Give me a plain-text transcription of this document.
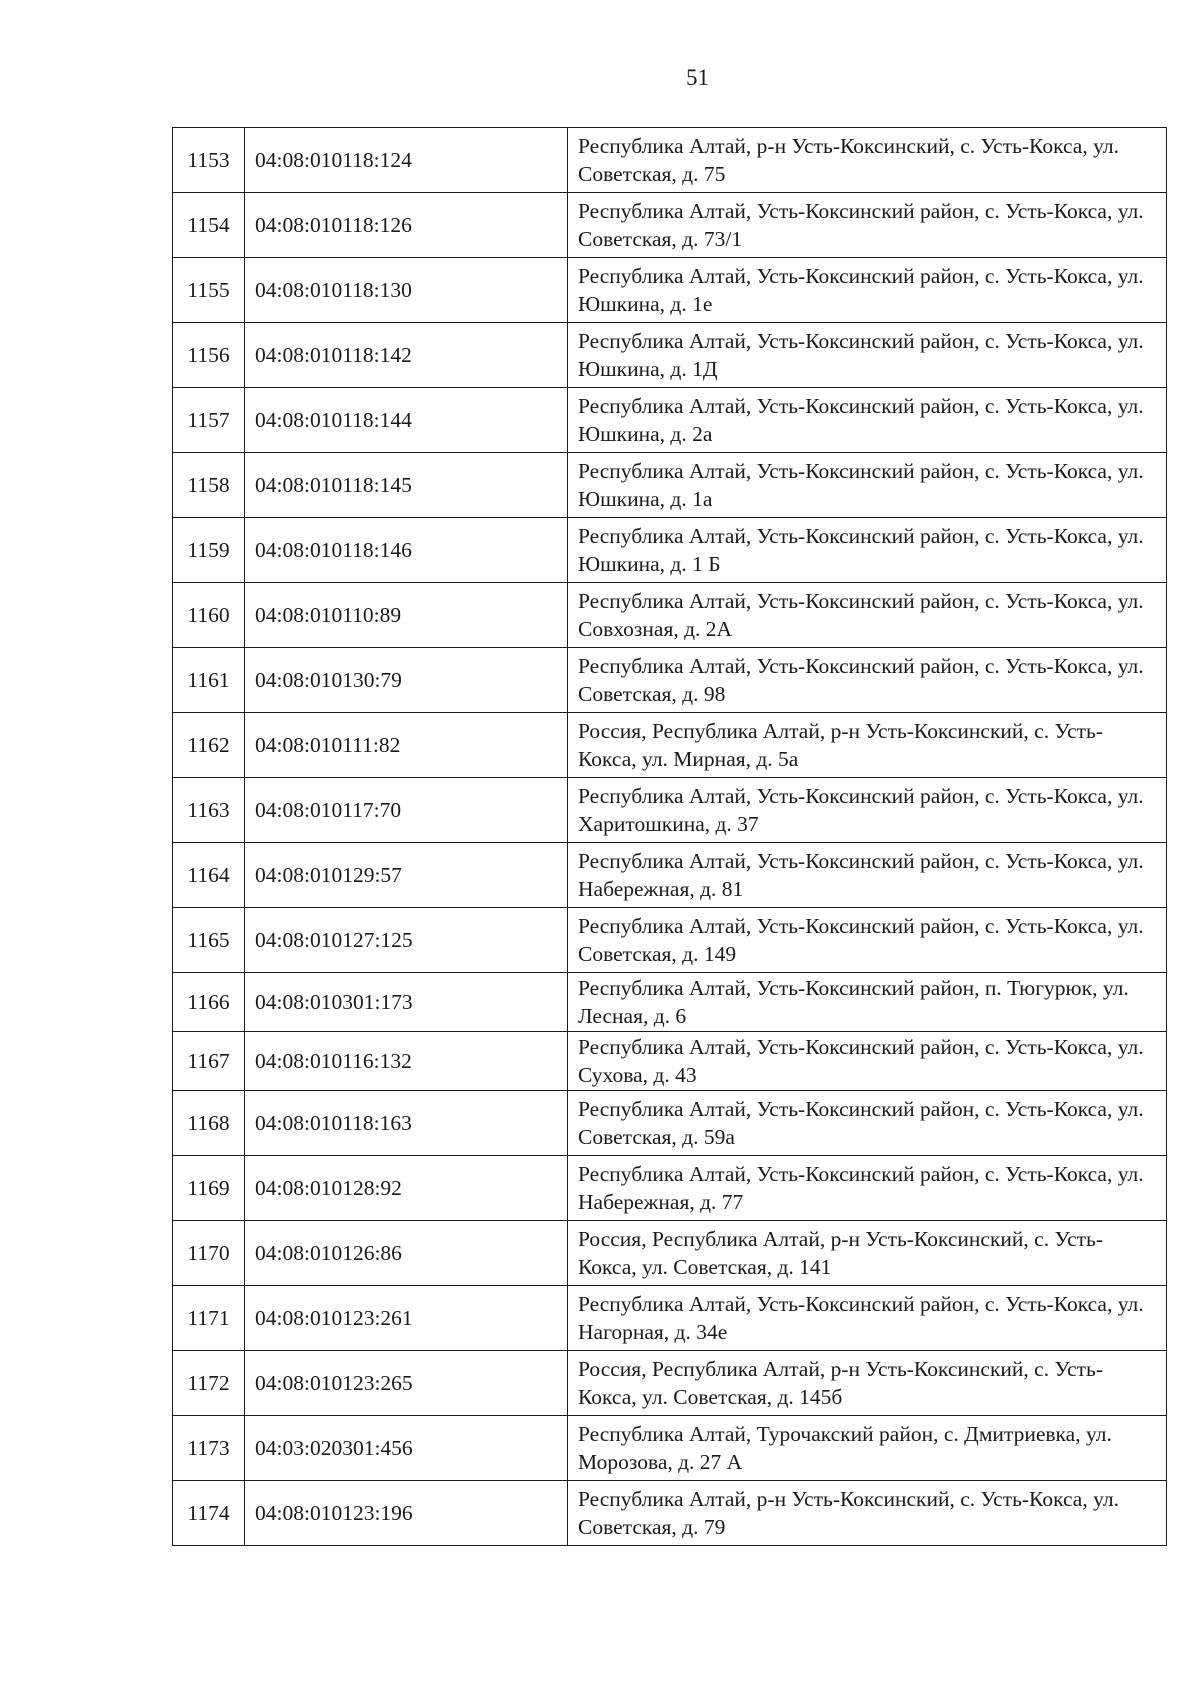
51
1153	04:08:010118:124	Республика Алтай, р-н Усть-Коксинский, с. Усть-Кокса, ул. Советская, д. 75
1154	04:08:010118:126	Республика Алтай, Усть-Коксинский район, с. Усть-Кокса, ул. Советская, д. 73/1
1155	04:08:010118:130	Республика Алтай, Усть-Коксинский район, с. Усть-Кокса, ул. Юшкина, д. 1е
1156	04:08:010118:142	Республика Алтай, Усть-Коксинский район, с. Усть-Кокса, ул. Юшкина, д. 1Д
1157	04:08:010118:144	Республика Алтай, Усть-Коксинский район, с. Усть-Кокса, ул. Юшкина, д. 2а
1158	04:08:010118:145	Республика Алтай, Усть-Коксинский район, с. Усть-Кокса, ул. Юшкина, д. 1а
1159	04:08:010118:146	Республика Алтай, Усть-Коксинский район, с. Усть-Кокса, ул. Юшкина, д. 1 Б
1160	04:08:010110:89	Республика Алтай, Усть-Коксинский район, с. Усть-Кокса, ул. Совхозная, д. 2А
1161	04:08:010130:79	Республика Алтай, Усть-Коксинский район, с. Усть-Кокса, ул. Советская, д. 98
1162	04:08:010111:82	Россия, Республика Алтай, р-н Усть-Коксинский, с. Усть-Кокса, ул. Мирная, д. 5а
1163	04:08:010117:70	Республика Алтай, Усть-Коксинский район, с. Усть-Кокса, ул. Харитошкина, д. 37
1164	04:08:010129:57	Республика Алтай, Усть-Коксинский район, с. Усть-Кокса, ул. Набережная, д. 81
1165	04:08:010127:125	Республика Алтай, Усть-Коксинский район, с. Усть-Кокса, ул. Советская, д. 149
1166	04:08:010301:173	Республика Алтай, Усть-Коксинский район, п. Тюгурюк, ул. Лесная, д. 6
1167	04:08:010116:132	Республика Алтай, Усть-Коксинский район, с. Усть-Кокса, ул. Сухова, д. 43
1168	04:08:010118:163	Республика Алтай, Усть-Коксинский район, с. Усть-Кокса, ул. Советская, д. 59а
1169	04:08:010128:92	Республика Алтай, Усть-Коксинский район, с. Усть-Кокса, ул. Набережная, д. 77
1170	04:08:010126:86	Россия, Республика Алтай, р-н Усть-Коксинский, с. Усть-Кокса, ул. Советская, д. 141
1171	04:08:010123:261	Республика Алтай, Усть-Коксинский район, с. Усть-Кокса, ул. Нагорная, д. 34е
1172	04:08:010123:265	Россия, Республика Алтай, р-н Усть-Коксинский, с. Усть-Кокса, ул. Советская, д. 145б
1173	04:03:020301:456	Республика Алтай, Турочакский район, с. Дмитриевка, ул. Морозова, д. 27 А
1174	04:08:010123:196	Республика Алтай, р-н Усть-Коксинский, с. Усть-Кокса, ул. Советская, д. 79
